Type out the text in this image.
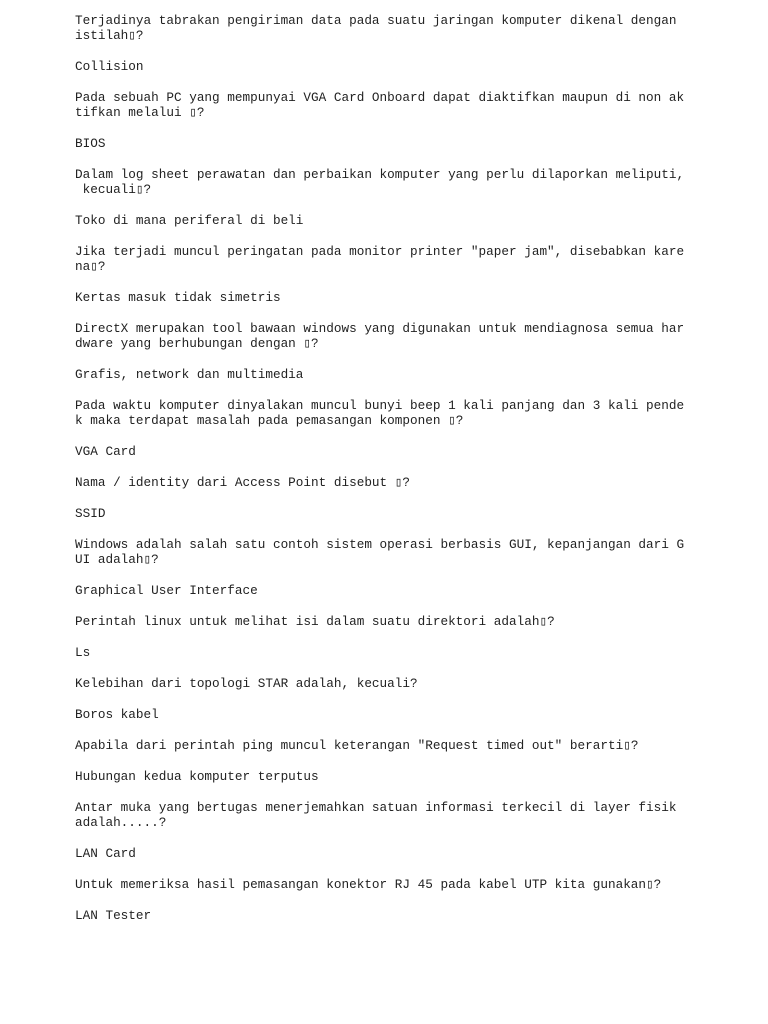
Terjadinya tabrakan pengiriman data pada suatu jaringan komputer dikenal dengan
istilah▯?

Collision

Pada sebuah PC yang mempunyai VGA Card Onboard dapat diaktifkan maupun di non ak
tifkan melalui ▯?

BIOS

Dalam log sheet perawatan dan perbaikan komputer yang perlu dilaporkan meliputi,
kecuali▯?

Toko di mana periferal di beli

Jika terjadi muncul peringatan pada monitor printer "paper jam", disebabkan kare
na▯?

Kertas masuk tidak simetris

DirectX merupakan tool bawaan windows yang digunakan untuk mendiagnosa semua har
dware yang berhubungan dengan ▯?

Grafis, network dan multimedia

Pada waktu komputer dinyalakan muncul bunyi beep 1 kali panjang dan 3 kali pende
k maka terdapat masalah pada pemasangan komponen ▯?

VGA Card

Nama / identity dari Access Point disebut ▯?

SSID

Windows adalah salah satu contoh sistem operasi berbasis GUI, kepanjangan dari G
UI adalah▯?

Graphical User Interface

Perintah linux untuk melihat isi dalam suatu direktori adalah▯?

Ls

Kelebihan dari topologi STAR adalah, kecuali?

Boros kabel

Apabila dari perintah ping muncul keterangan "Request timed out" berarti▯?

Hubungan kedua komputer terputus

Antar muka yang bertugas menerjemahkan satuan informasi terkecil di layer fisik
adalah.....?

LAN Card

Untuk memeriksa hasil pemasangan konektor RJ 45 pada kabel UTP kita gunakan▯?

LAN Tester
